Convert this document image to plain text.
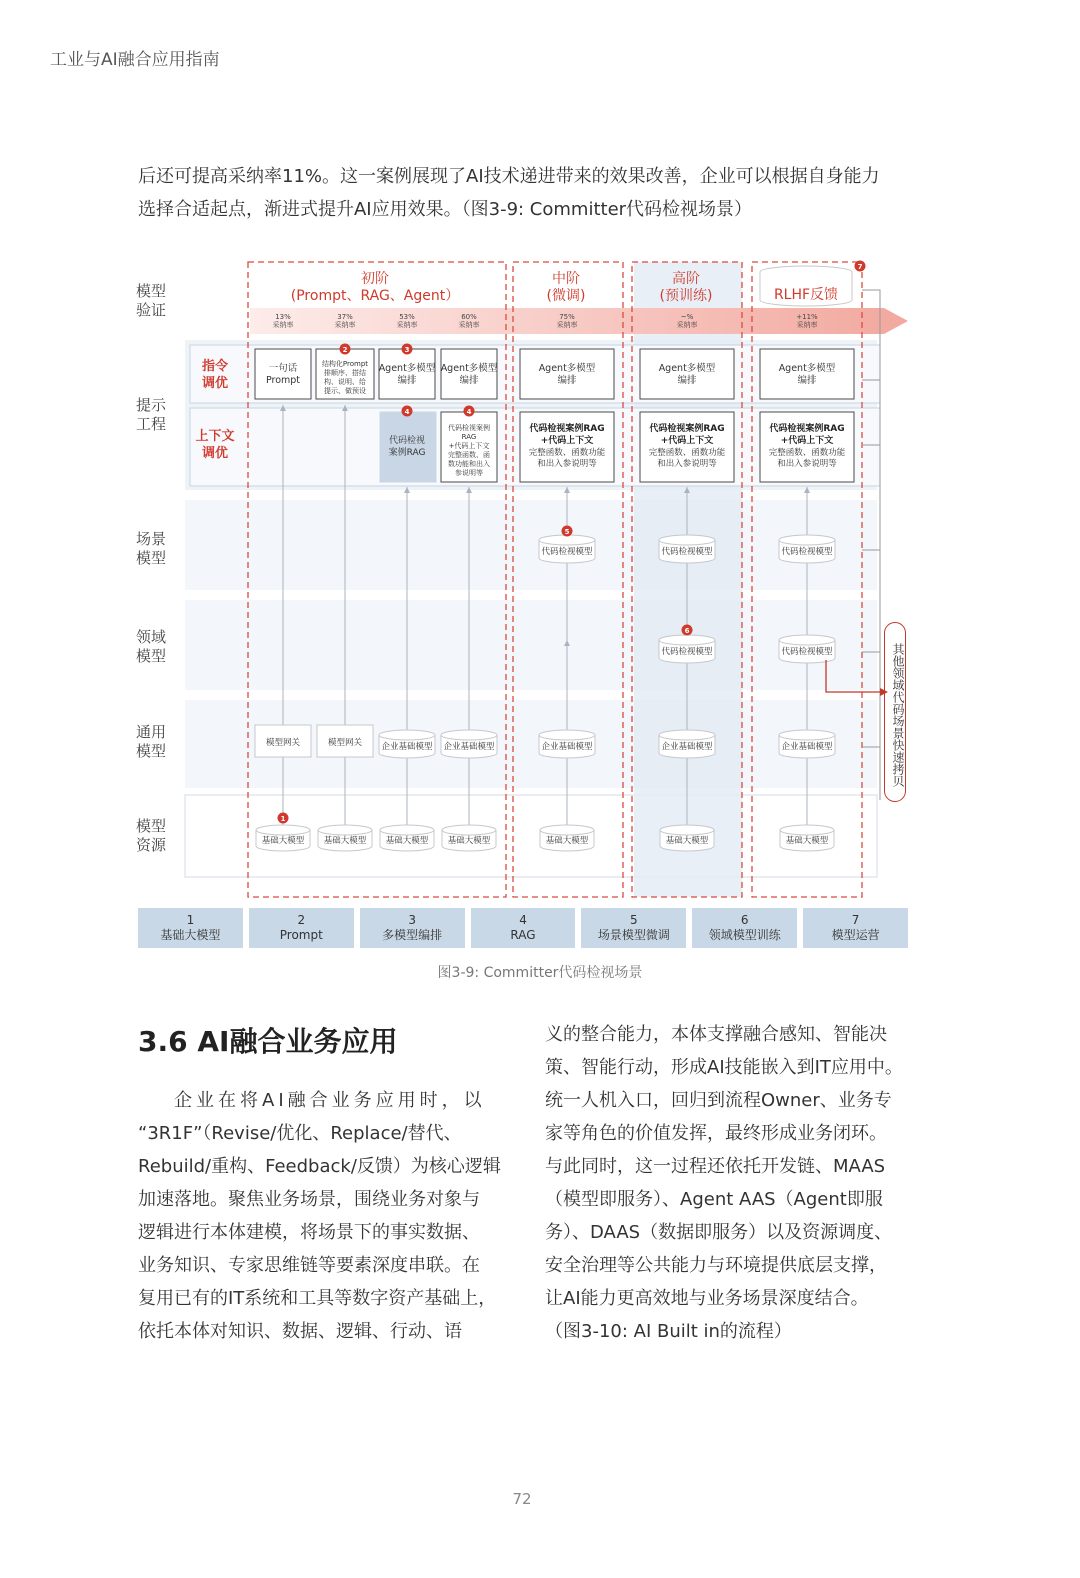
工业与AI融合应用指南

后还可提高采纳率11%。这一案例展现了AI技术递进带来的效果改善，企业可以根据自身能力

选择合适起点，渐进式提升AI应用效果。（图3-9: Committer代码检视场景）

模型验证
提示工程
场景模型
领域模型
通用模型
模型资源
初阶
(Prompt、RAG、Agent）
中阶
(微调)
高阶
(预训练)	RLHF反馈
指令
调优
上下文
调优
13%
采纳率
37%
采纳率
53%
采纳率
60%
采纳率
75%
采纳率
~%
采纳率
+11%
采纳率
一句话
Prompt
结构化Prompt
排顺序、搭结
构、说明、给
提示、做预设
Agent多模型
编排
Agent多模型
编排
Agent多模型
编排
Agent多模型
编排
Agent多模型
编排
代码检视
案例RAG
代码检视案例
RAG
+代码上下文
完整函数、函
数功能和出入
参说明等
代码检视案例RAG
+代码上下文
完整函数、函数功能
和出入参说明等
代码检视案例RAG
+代码上下文
完整函数、函数功能
和出入参说明等
代码检视案例RAG
+代码上下文
完整函数、函数功能
和出入参说明等
代码检视模型	代码检视模型	代码检视模型
代码检视模型	代码检视模型
模型网关	模型网关 企业基础模型 企业基础模型	企业基础模型	企业基础模型	企业基础模型
基础大模型 基础大模型 基础大模型 基础大模型	基础大模型	基础大模型	基础大模型
1
2	3
4	4
5
6
7
其他领域代码场景快速拷贝
1
基础大模型
2
Prompt
3
多模型编排
4
RAG
5
场景模型微调
6
领域模型训练
7
模型运营
图3-9: Committer代码检视场景
3.6 AI融合业务应用

企业在将AI融合业务应用时，以

“3R1F”（Revise/优化、Replace/替代、

Rebuild/重构、Feedback/反馈）为核心逻辑

加速落地。聚焦业务场景，围绕业务对象与

逻辑进行本体建模，将场景下的事实数据、

业务知识、专家思维链等要素深度串联。在

复用已有的IT系统和工具等数字资产基础上，

依托本体对知识、数据、逻辑、行动、语

义的整合能力，本体支撑融合感知、智能决

策、智能行动，形成AI技能嵌入到IT应用中。

统一人机入口，回归到流程Owner、业务专

家等角色的价值发挥，最终形成业务闭环。

与此同时，这一过程还依托开发链、MAAS

（模型即服务）、Agent AAS（Agent即服

务）、DAAS（数据即服务）以及资源调度、

安全治理等公共能力与环境提供底层支撑，

让AI能力更高效地与业务场景深度结合。

（图3-10: AI Built in的流程）

72
